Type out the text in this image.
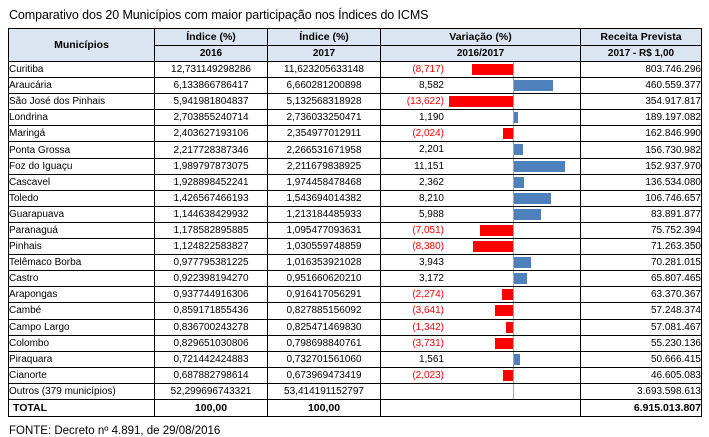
Comparativo dos 20 Municípios com maior participação nos Índices do ICMS
Municípios	Índice (%)	Índice (%)	Variação (%)	Receita Prevista
	2016	2017	2016/2017	2017 - R$ 1,00
Curitiba	12,731149298286	11,623205633148	(8,717)	803.746.296
Araucária	6,133866786417	6,660281200898	8,582	460.559.377
São José dos Pinhais	5,941981804837	5,132568318928	(13,622)	354.917.817
Londrina	2,703855240714	2,736033250471	1,190	189.197.082
Maringá	2,403627193106	2,354977012911	(2,024)	162.846.990
Ponta Grossa	2,217728387346	2,266531671958	2,201	156.730.982
Foz do Iguaçu	1,989797873075	2,211679838925	11,151	152.937.970
Cascavel	1,928898452241	1,974458478468	2,362	136.534.080
Toledo	1,426567466193	1,543694014382	8,210	106.746.657
Guarapuava	1,144638429932	1,213184485933	5,988	83.891.877
Paranaguá	1,178582895885	1,095477093631	(7,051)	75.752.394
Pinhais	1,124822583827	1,030559748859	(8,380)	71.263.350
Telêmaco Borba	0,977795381225	1,016353921028	3,943	70.281.015
Castro	0,922398194270	0,951660620210	3,172	65.807.465
Arapongas	0,937744916306	0,916417056291	(2,274)	63.370.367
Cambé	0,859171855436	0,827885156092	(3,641)	57.248.374
Campo Largo	0,836700243278	0,825471469830	(1,342)	57.081.467
Colombo	0,829651030806	0,798698840761	(3,731)	55.230.136
Piraquara	0,721442424883	0,732701561060	1,561	50.666.415
Cianorte	0,687882798614	0,673969473419	(2,023)	46.605.083
Outros (379 municípios)	52,299696743321	53,414191152797		3.693.598.613
TOTAL	100,00	100,00		6.915.013.807
FONTE: Decreto nº 4.891, de 29/08/2016
